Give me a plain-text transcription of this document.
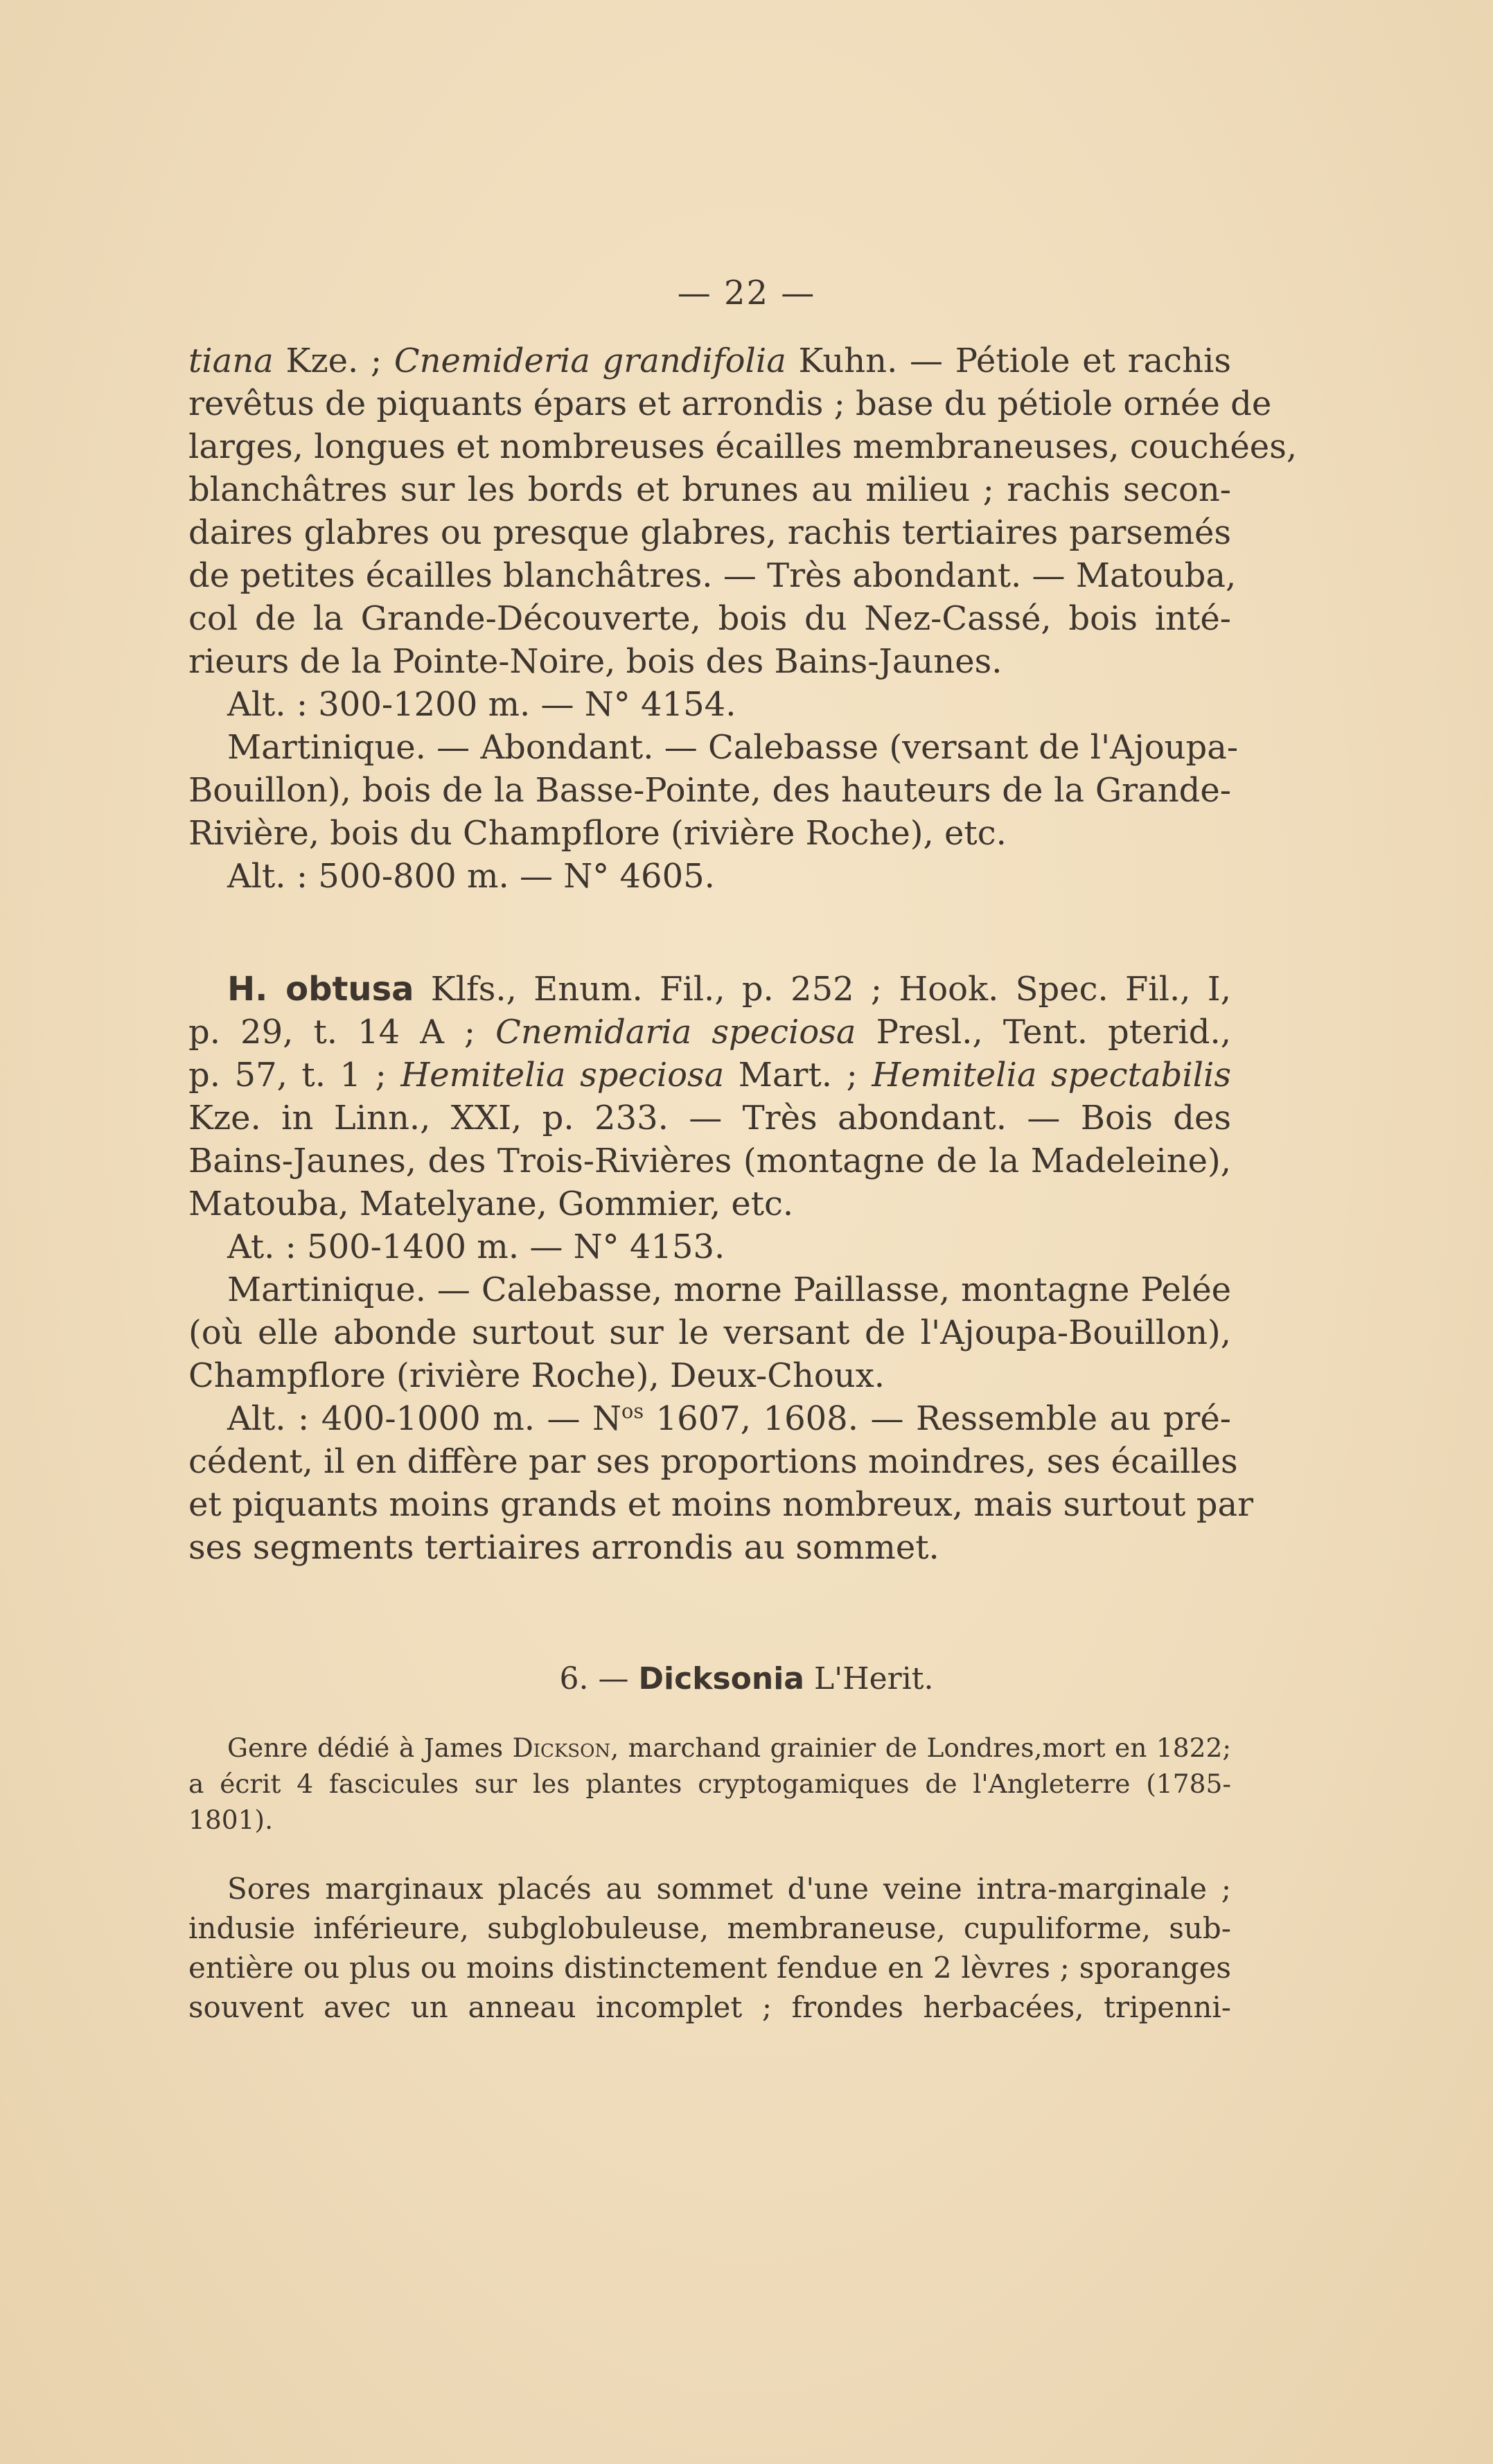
— 22 —
tiana Kze. ; Cnemideria grandifolia Kuhn. — Pétiole et rachis
revêtus de piquants épars et arrondis ; base du pétiole ornée de
larges, longues et nombreuses écailles membraneuses, couchées,
blanchâtres sur les bords et brunes au milieu ; rachis secon-
daires glabres ou presque glabres, rachis tertiaires parsemés
de petites écailles blanchâtres. — Très abondant. — Matouba,
col de la Grande-Découverte, bois du Nez-Cassé, bois inté-
rieurs de la Pointe-Noire, bois des Bains-Jaunes.
Alt. : 300-1200 m. — N° 4154.
Martinique. — Abondant. — Calebasse (versant de l'Ajoupa-
Bouillon), bois de la Basse-Pointe, des hauteurs de la Grande-
Rivière, bois du Champflore (rivière Roche), etc.
Alt. : 500-800 m. — N° 4605.
H. obtusa Klfs., Enum. Fil., p. 252 ; Hook. Spec. Fil., I,
p. 29, t. 14 A ; Cnemidaria speciosa Presl., Tent. pterid.,
p. 57, t. 1 ; Hemitelia speciosa Mart. ; Hemitelia spectabilis
Kze. in Linn., XXI, p. 233. — Très abondant. — Bois des
Bains-Jaunes, des Trois-Rivières (montagne de la Madeleine),
Matouba, Matelyane, Gommier, etc.
At. : 500-1400 m. — N° 4153.
Martinique. — Calebasse, morne Paillasse, montagne Pelée
(où elle abonde surtout sur le versant de l'Ajoupa-Bouillon),
Champflore (rivière Roche), Deux-Choux.
Alt. : 400-1000 m. — $N^{os}$ 1607, 1608. — Ressemble au pré-
cédent, il en diffère par ses proportions moindres, ses écailles
et piquants moins grands et moins nombreux, mais surtout par
ses segments tertiaires arrondis au sommet.
6. — Dicksonia L'Herit.
Genre dédié à James Dickson, marchand grainier de Londres,mort en 1822;
a écrit 4 fascicules sur les plantes cryptogamiques de l'Angleterre (1785-
1801).
Sores marginaux placés au sommet d'une veine intra-marginale ;
indusie inférieure, subglobuleuse, membraneuse, cupuliforme, sub-
entière ou plus ou moins distinctement fendue en 2 lèvres ; sporanges
souvent avec un anneau incomplet ; frondes herbacées, tripenni-
